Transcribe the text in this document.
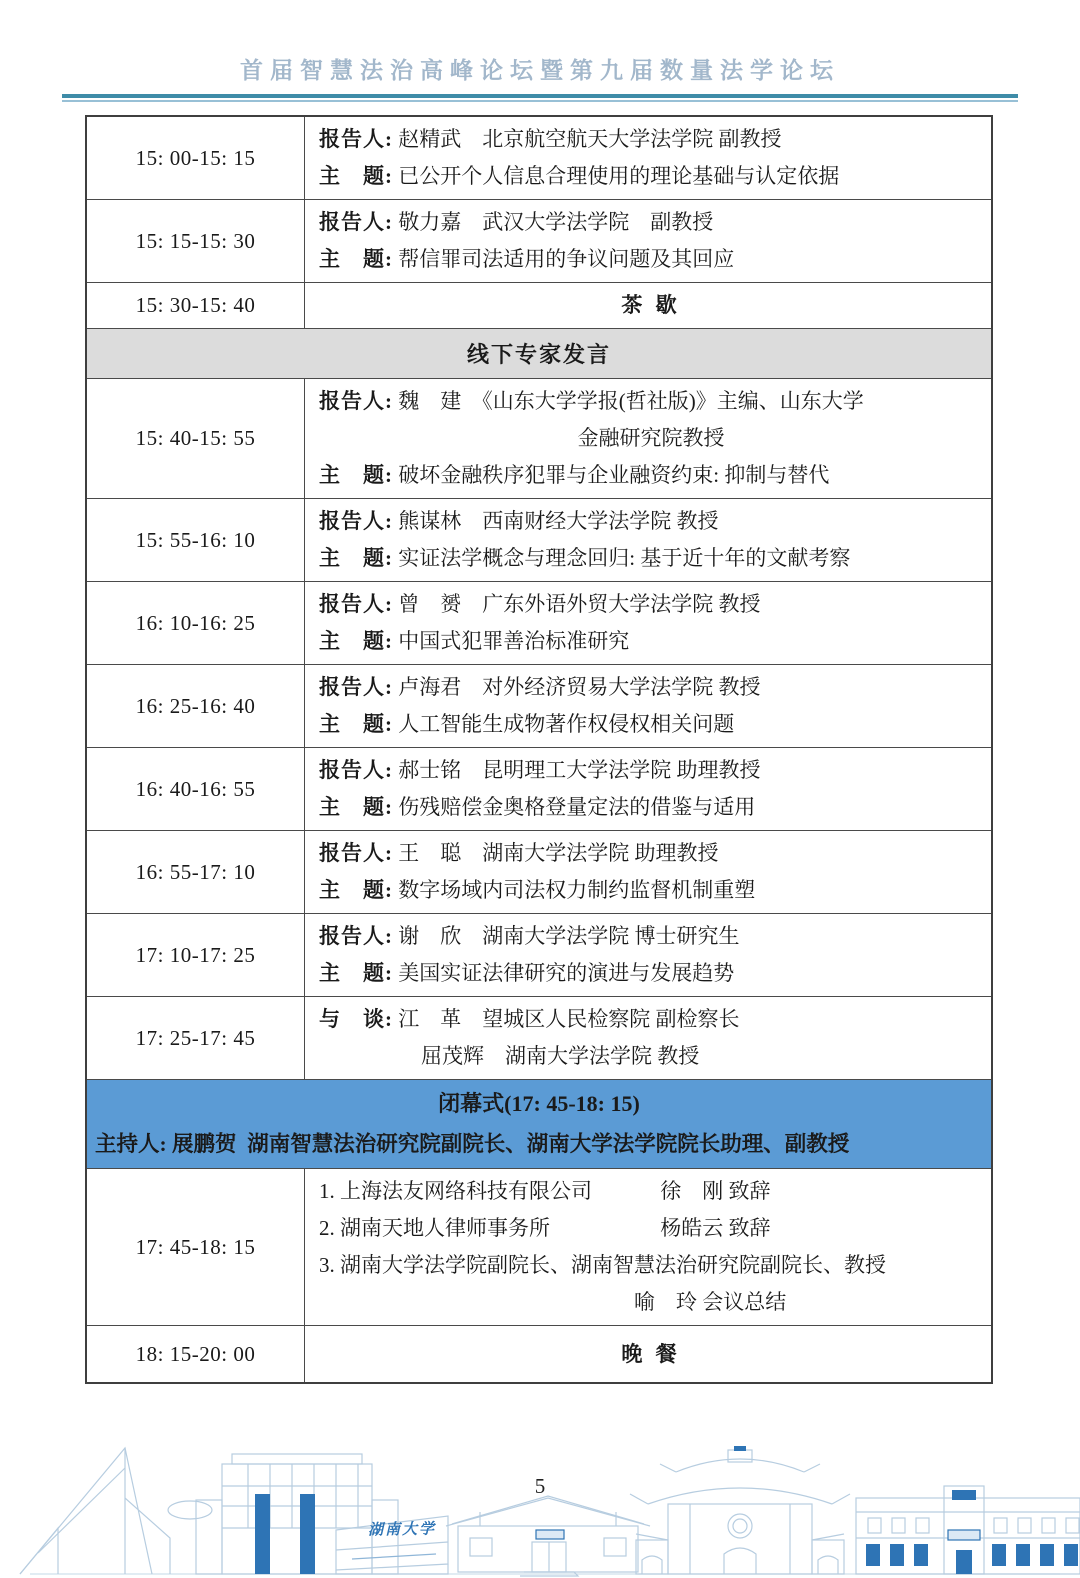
首届智慧法治高峰论坛暨第九届数量法学论坛
15: 00-15: 15
报告人: 赵精武　北京航空航天大学法学院 副教授
主　题: 已公开个人信息合理使用的理论基础与认定依据
15: 15-15: 30
报告人: 敬力嘉　武汉大学法学院　副教授
主　题: 帮信罪司法适用的争议问题及其回应
15: 30-15: 40	茶 歇
线下专家发言
15: 40-15: 55
报告人: 魏　建　《山东大学学报(哲社版)》主编、山东大学
金融研究院教授
主　题: 破坏金融秩序犯罪与企业融资约束: 抑制与替代
15: 55-16: 10
报告人: 熊谋林　西南财经大学法学院 教授
主　题: 实证法学概念与理念回归: 基于近十年的文献考察
16: 10-16: 25
报告人: 曾　赟　广东外语外贸大学法学院 教授
主　题: 中国式犯罪善治标准研究
16: 25-16: 40
报告人: 卢海君　对外经济贸易大学法学院 教授
主　题: 人工智能生成物著作权侵权相关问题
16: 40-16: 55
报告人: 郝士铭　昆明理工大学法学院 助理教授
主　题: 伤残赔偿金奥格登量定法的借鉴与适用
16: 55-17: 10
报告人: 王　聪　湖南大学法学院 助理教授
主　题: 数字场域内司法权力制约监督机制重塑
17: 10-17: 25
报告人: 谢　欣　湖南大学法学院 博士研究生
主　题: 美国实证法律研究的演进与发展趋势
17: 25-17: 45
与　谈: 江　革　望城区人民检察院 副检察长
屈茂辉　湖南大学法学院 教授
闭幕式(17: 45-18: 15)
主持人: 展鹏贺  湖南智慧法治研究院副院长、湖南大学法学院院长助理、副教授
17: 45-18: 15
1. 上海法友网络科技有限公司　　　 徐　刚 致辞
2. 湖南天地人律师事务所　　　　　 杨皓云 致辞
3. 湖南大学法学院副院长、湖南智慧法治研究院副院长、教授
　　　　　　　　　　　　　　　喻　玲 会议总结
18: 15-20: 00	晚 餐
5
湖南大学
